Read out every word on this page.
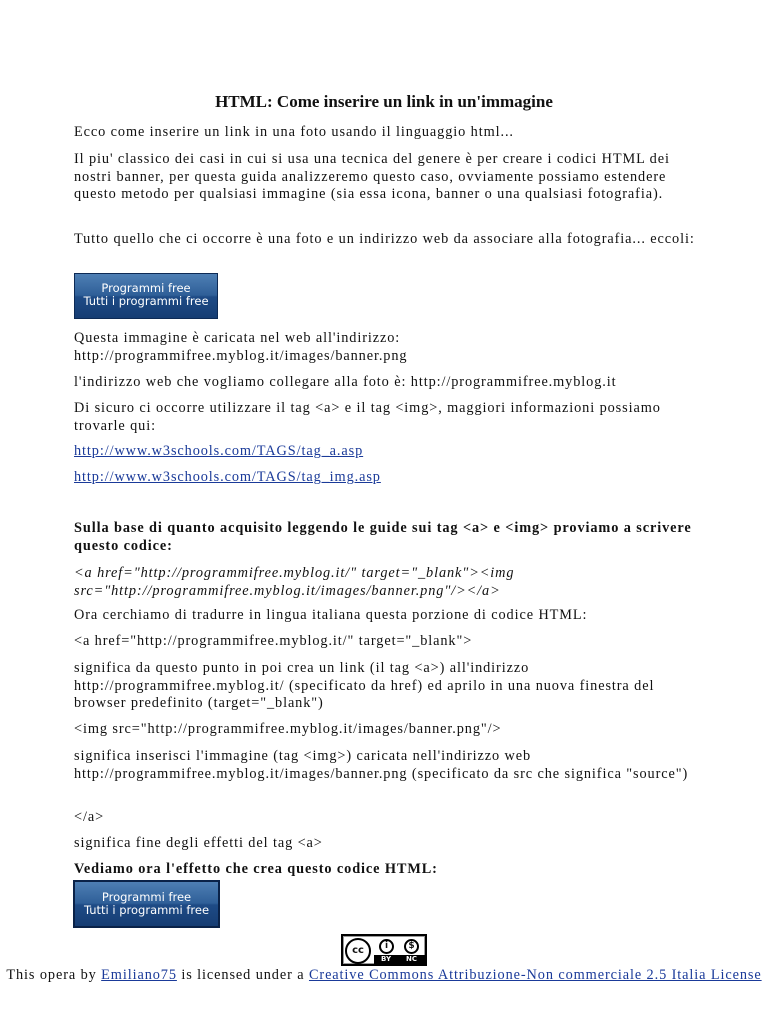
HTML: Come inserire un link in un'immagine

Ecco come inserire un link in una foto usando il linguaggio html...

Il piu' classico dei casi in cui si usa una tecnica del genere è per creare i codici HTML dei nostri banner, per questa guida analizzeremo questo caso, ovviamente possiamo estendere questo metodo per qualsiasi immagine (sia essa icona, banner o una qualsiasi fotografia).

Tutto quello che ci occorre è una foto e un indirizzo web da associare alla fotografia... eccoli:

Programmi free
Tutti i programmi free

Questa immagine è caricata nel web all'indirizzo: http://programmifree.myblog.it/images/banner.png

l'indirizzo web che vogliamo collegare alla foto è: http://programmifree.myblog.it

Di sicuro ci occorre utilizzare il tag <a> e il tag <img>, maggiori informazioni possiamo trovarle qui:

http://www.w3schools.com/TAGS/tag_a.asp

http://www.w3schools.com/TAGS/tag_img.asp

Sulla base di quanto acquisito leggendo le guide sui tag <a> e <img> proviamo a scrivere questo codice:

<a href="http://programmifree.myblog.it/" target="_blank"><img src="http://programmifree.myblog.it/images/banner.png"/></a>

Ora cerchiamo di tradurre in lingua italiana questa porzione di codice HTML:

<a href="http://programmifree.myblog.it/" target="_blank">

significa da questo punto in poi crea un link (il tag <a>) all'indirizzo http://programmifree.myblog.it/ (specificato da href) ed aprilo in una nuova finestra del browser predefinito (target="_blank")

<img src="http://programmifree.myblog.it/images/banner.png"/>

significa inserisci l'immagine (tag <img>) caricata nell'indirizzo web http://programmifree.myblog.it/images/banner.png (specificato da src che significa "source")

</a>

significa fine degli effetti del tag <a>

Vediamo ora l'effetto che crea questo codice HTML:

Programmi free
Tutti i programmi free
cc	i	$
BY NC
This opera by Emiliano75 is licensed under a Creative Commons Attribuzione-Non commerciale 2.5 Italia License
